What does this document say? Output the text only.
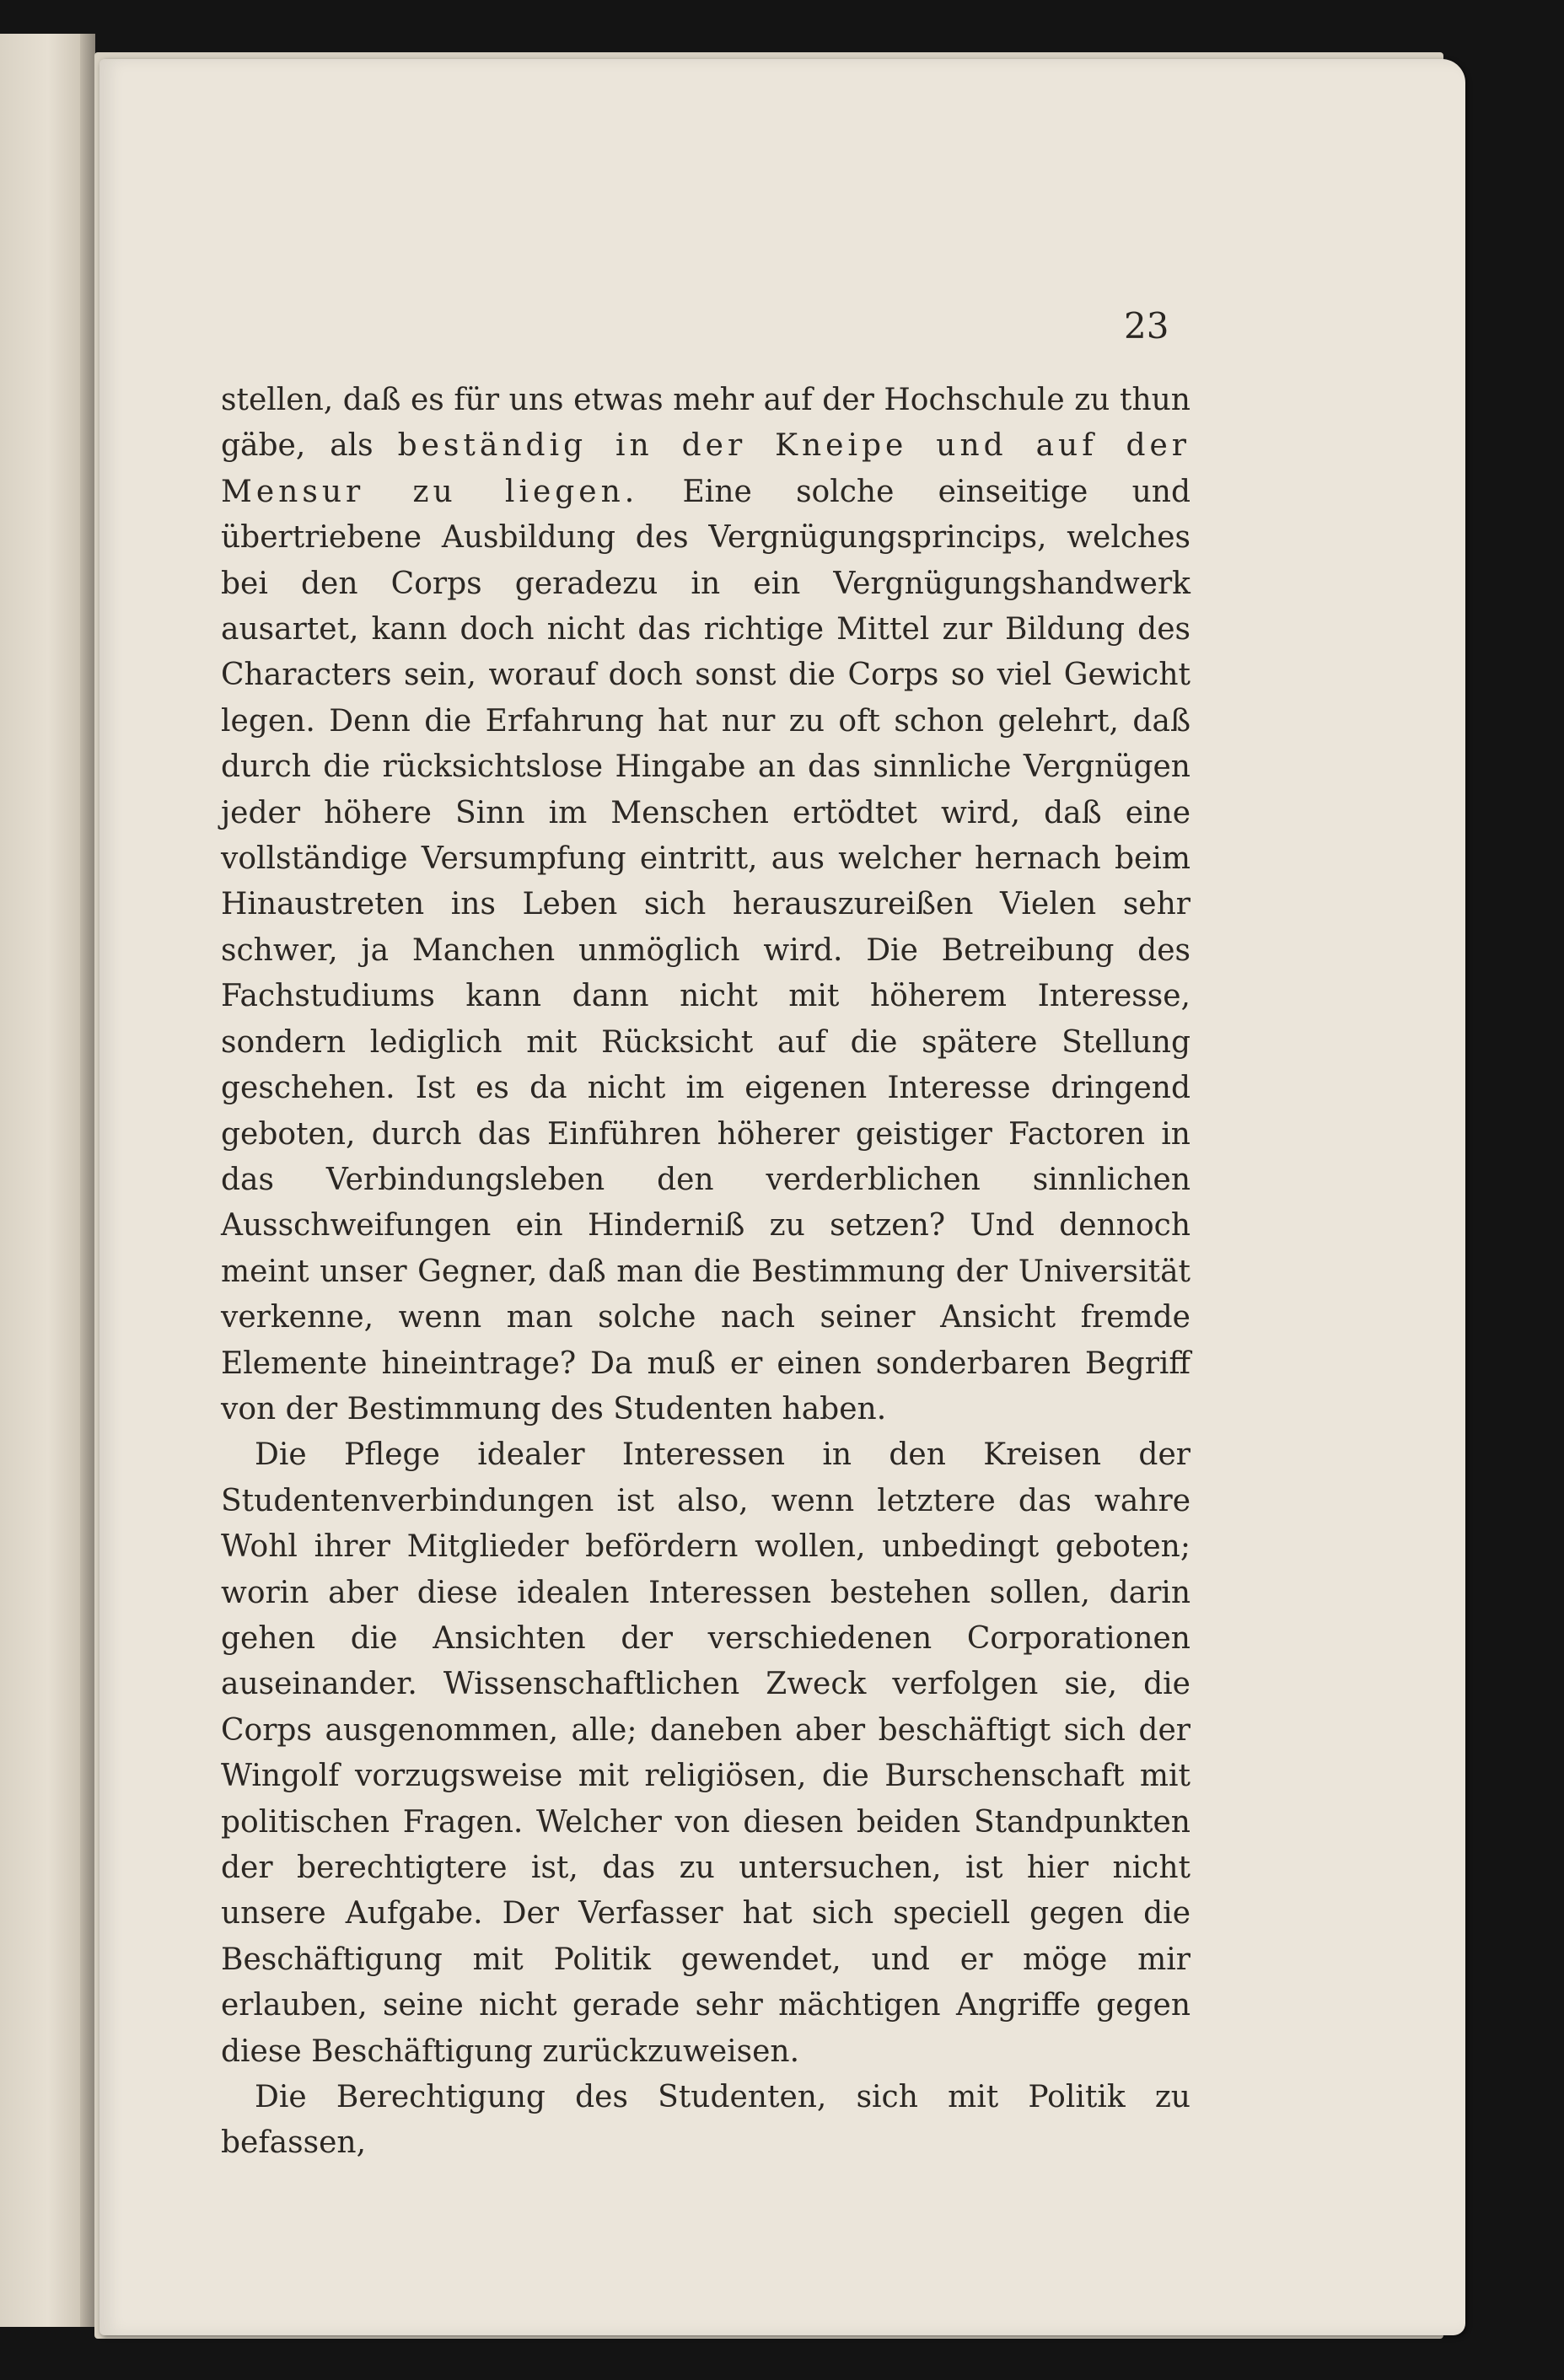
23

stellen, daß es für uns etwas mehr auf der Hochschule zu thun gäbe, als beständig in der Kneipe und auf der Mensur zu liegen. Eine solche einseitige und übertriebene Ausbildung des Vergnügungsprincips, welches bei den Corps geradezu in ein Vergnügungshandwerk ausartet, kann doch nicht das richtige Mittel zur Bildung des Characters sein, worauf doch sonst die Corps so viel Gewicht legen. Denn die Erfahrung hat nur zu oft schon gelehrt, daß durch die rücksichtslose Hingabe an das sinnliche Vergnügen jeder höhere Sinn im Menschen ertödtet wird, daß eine vollständige Versumpfung eintritt, aus welcher hernach beim Hinaustreten ins Leben sich herauszureißen Vielen sehr schwer, ja Manchen unmöglich wird. Die Betreibung des Fachstudiums kann dann nicht mit höherem Interesse, sondern lediglich mit Rücksicht auf die spätere Stellung geschehen. Ist es da nicht im eigenen Interesse dringend geboten, durch das Einführen höherer geistiger Factoren in das Verbindungsleben den verderblichen sinnlichen Ausschweifungen ein Hinderniß zu setzen? Und dennoch meint unser Gegner, daß man die Bestimmung der Universität verkenne, wenn man solche nach seiner Ansicht fremde Elemente hineintrage? Da muß er einen sonderbaren Begriff von der Bestimmung des Studenten haben.

Die Pflege idealer Interessen in den Kreisen der Studentenverbindungen ist also, wenn letztere das wahre Wohl ihrer Mitglieder befördern wollen, unbedingt geboten; worin aber diese idealen Interessen bestehen sollen, darin gehen die Ansichten der verschiedenen Corporationen auseinander. Wissenschaftlichen Zweck verfolgen sie, die Corps ausgenommen, alle; daneben aber beschäftigt sich der Wingolf vorzugsweise mit religiösen, die Burschenschaft mit politischen Fragen. Welcher von diesen beiden Standpunkten der berechtigtere ist, das zu untersuchen, ist hier nicht unsere Aufgabe. Der Verfasser hat sich speciell gegen die Beschäftigung mit Politik gewendet, und er möge mir erlauben, seine nicht gerade sehr mächtigen Angriffe gegen diese Beschäftigung zurückzuweisen.

Die Berechtigung des Studenten, sich mit Politik zu befassen,
